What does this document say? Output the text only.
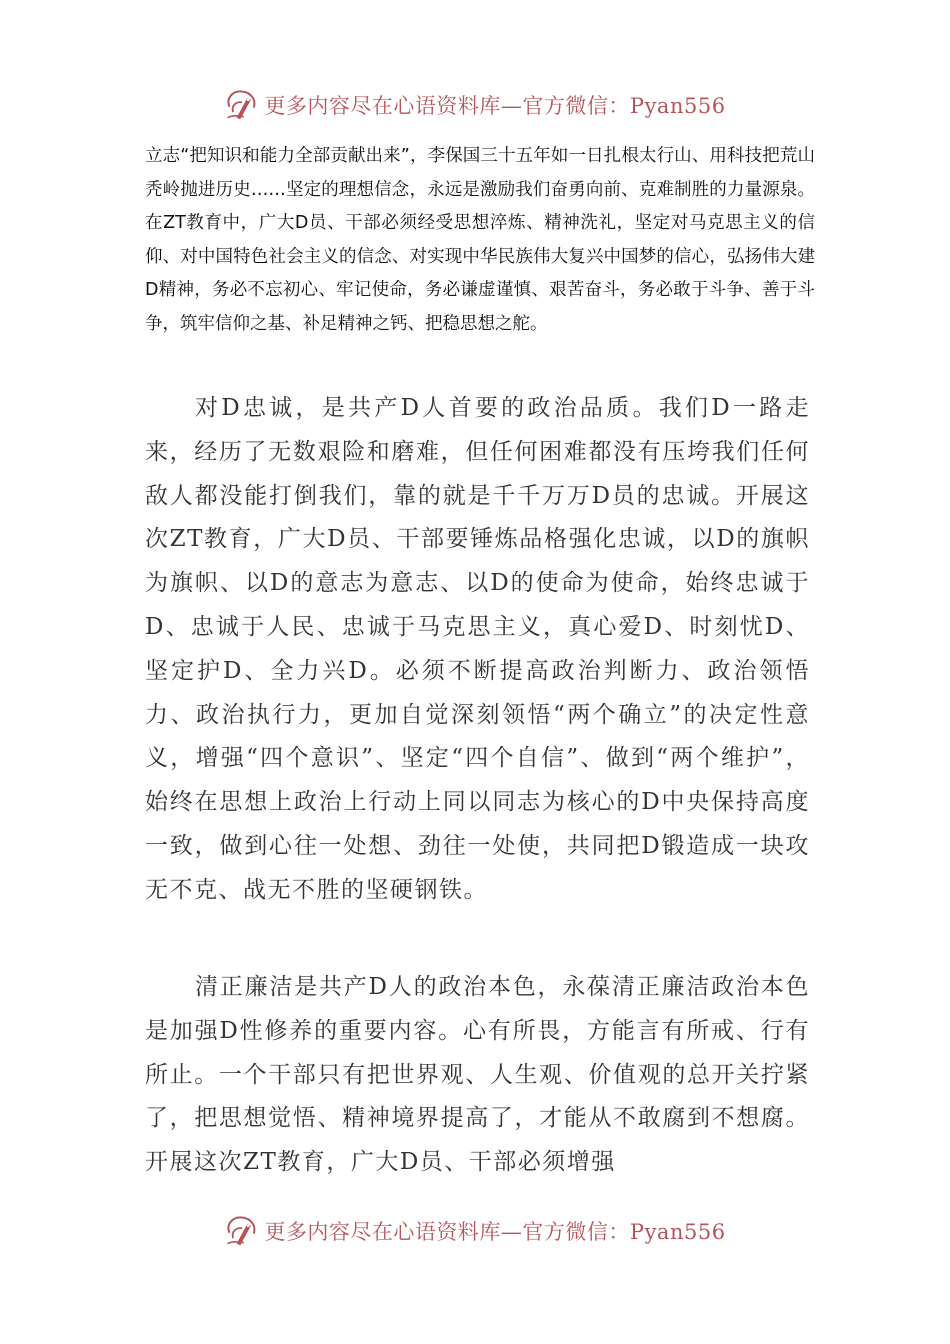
更多内容尽在心语资料库—官方微信：Pyan556

立志“把知识和能力全部贡献出来”，李保国三十五年如一日扎根太行山、用科技把荒山秃岭抛进历史……坚定的理想信念，永远是激励我们奋勇向前、克难制胜的力量源泉。在ZT教育中，广大D员、干部必须经受思想淬炼、精神洗礼，坚定对马克思主义的信仰、对中国特色社会主义的信念、对实现中华民族伟大复兴中国梦的信心，弘扬伟大建D精神，务必不忘初心、牢记使命，务必谦虚谨慎、艰苦奋斗，务必敢于斗争、善于斗争，筑牢信仰之基、补足精神之钙、把稳思想之舵。

对D忠诚，是共产D人首要的政治品质。我们D一路走来，经历了无数艰险和磨难，但任何困难都没有压垮我们任何敌人都没能打倒我们，靠的就是千千万万D员的忠诚。开展这次ZT教育，广大D员、干部要锤炼品格强化忠诚，以D的旗帜为旗帜、以D的意志为意志、以D的使命为使命，始终忠诚于D、忠诚于人民、忠诚于马克思主义，真心爱D、时刻忧D、坚定护D、全力兴D。必须不断提高政治判断力、政治领悟力、政治执行力，更加自觉深刻领悟“两个确立”的决定性意义，增强“四个意识”、坚定“四个自信”、做到“两个维护”，始终在思想上政治上行动上同以同志为核心的D中央保持高度一致，做到心往一处想、劲往一处使，共同把D锻造成一块攻无不克、战无不胜的坚硬钢铁。

清正廉洁是共产D人的政治本色，永葆清正廉洁政治本色是加强D性修养的重要内容。心有所畏，方能言有所戒、行有所止。一个干部只有把世界观、人生观、价值观的总开关拧紧了，把思想觉悟、精神境界提高了，才能从不敢腐到不想腐。开展这次ZT教育，广大D员、干部必须增强

更多内容尽在心语资料库—官方微信：Pyan556
